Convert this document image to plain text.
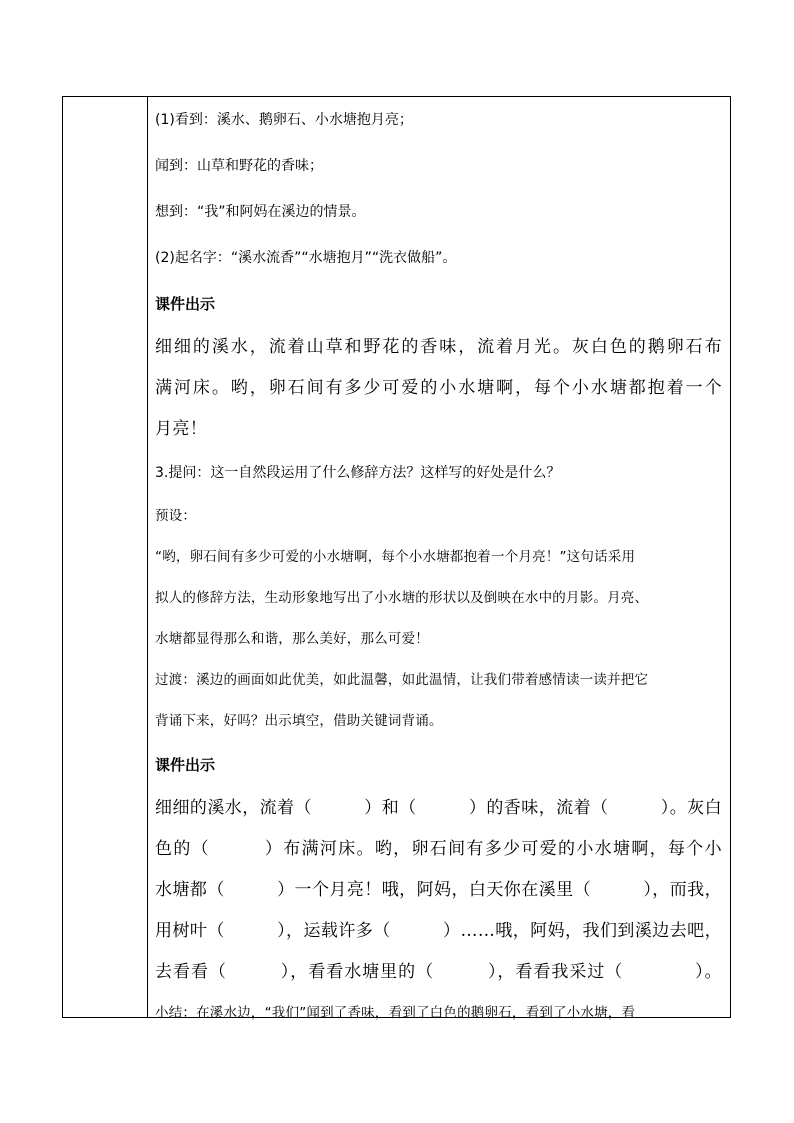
(1)看到：溪水、鹅卵石、小水塘抱月亮；
闻到：山草和野花的香味；
想到：“我”和阿妈在溪边的情景。
(2)起名字：“溪水流香”“水塘抱月”“洗衣做船”。
课件出示
细细的溪水，流着山草和野花的香味，流着月光。灰白色的鹅卵石布
满河床。哟，卵石间有多少可爱的小水塘啊，每个小水塘都抱着一个
月亮！
3.提问：这一自然段运用了什么修辞方法？这样写的好处是什么？
预设：
“哟，卵石间有多少可爱的小水塘啊，每个小水塘都抱着一个月亮！”这句话采用
拟人的修辞方法，生动形象地写出了小水塘的形状以及倒映在水中的月影。月亮、
水塘都显得那么和谐，那么美好，那么可爱！
过渡：溪边的画面如此优美，如此温馨，如此温情，让我们带着感情读一读并把它
背诵下来，好吗？出示填空，借助关键词背诵。
课件出示
细细的溪水，流着（　　　）和（　　　）的香味，流着（　　　）。灰白
色的（　　　）布满河床。哟，卵石间有多少可爱的小水塘啊，每个小
水塘都（　　　）一个月亮！哦，阿妈，白天你在溪里（　　　），而我，
用树叶（　　　），运载许多（　　　）……哦，阿妈，我们到溪边去吧，
去看看（　　　），看看水塘里的（　　　），看看我采过（　　　　）。
小结：在溪水边，“我们”闻到了香味，看到了白色的鹅卵石，看到了小水塘，看
